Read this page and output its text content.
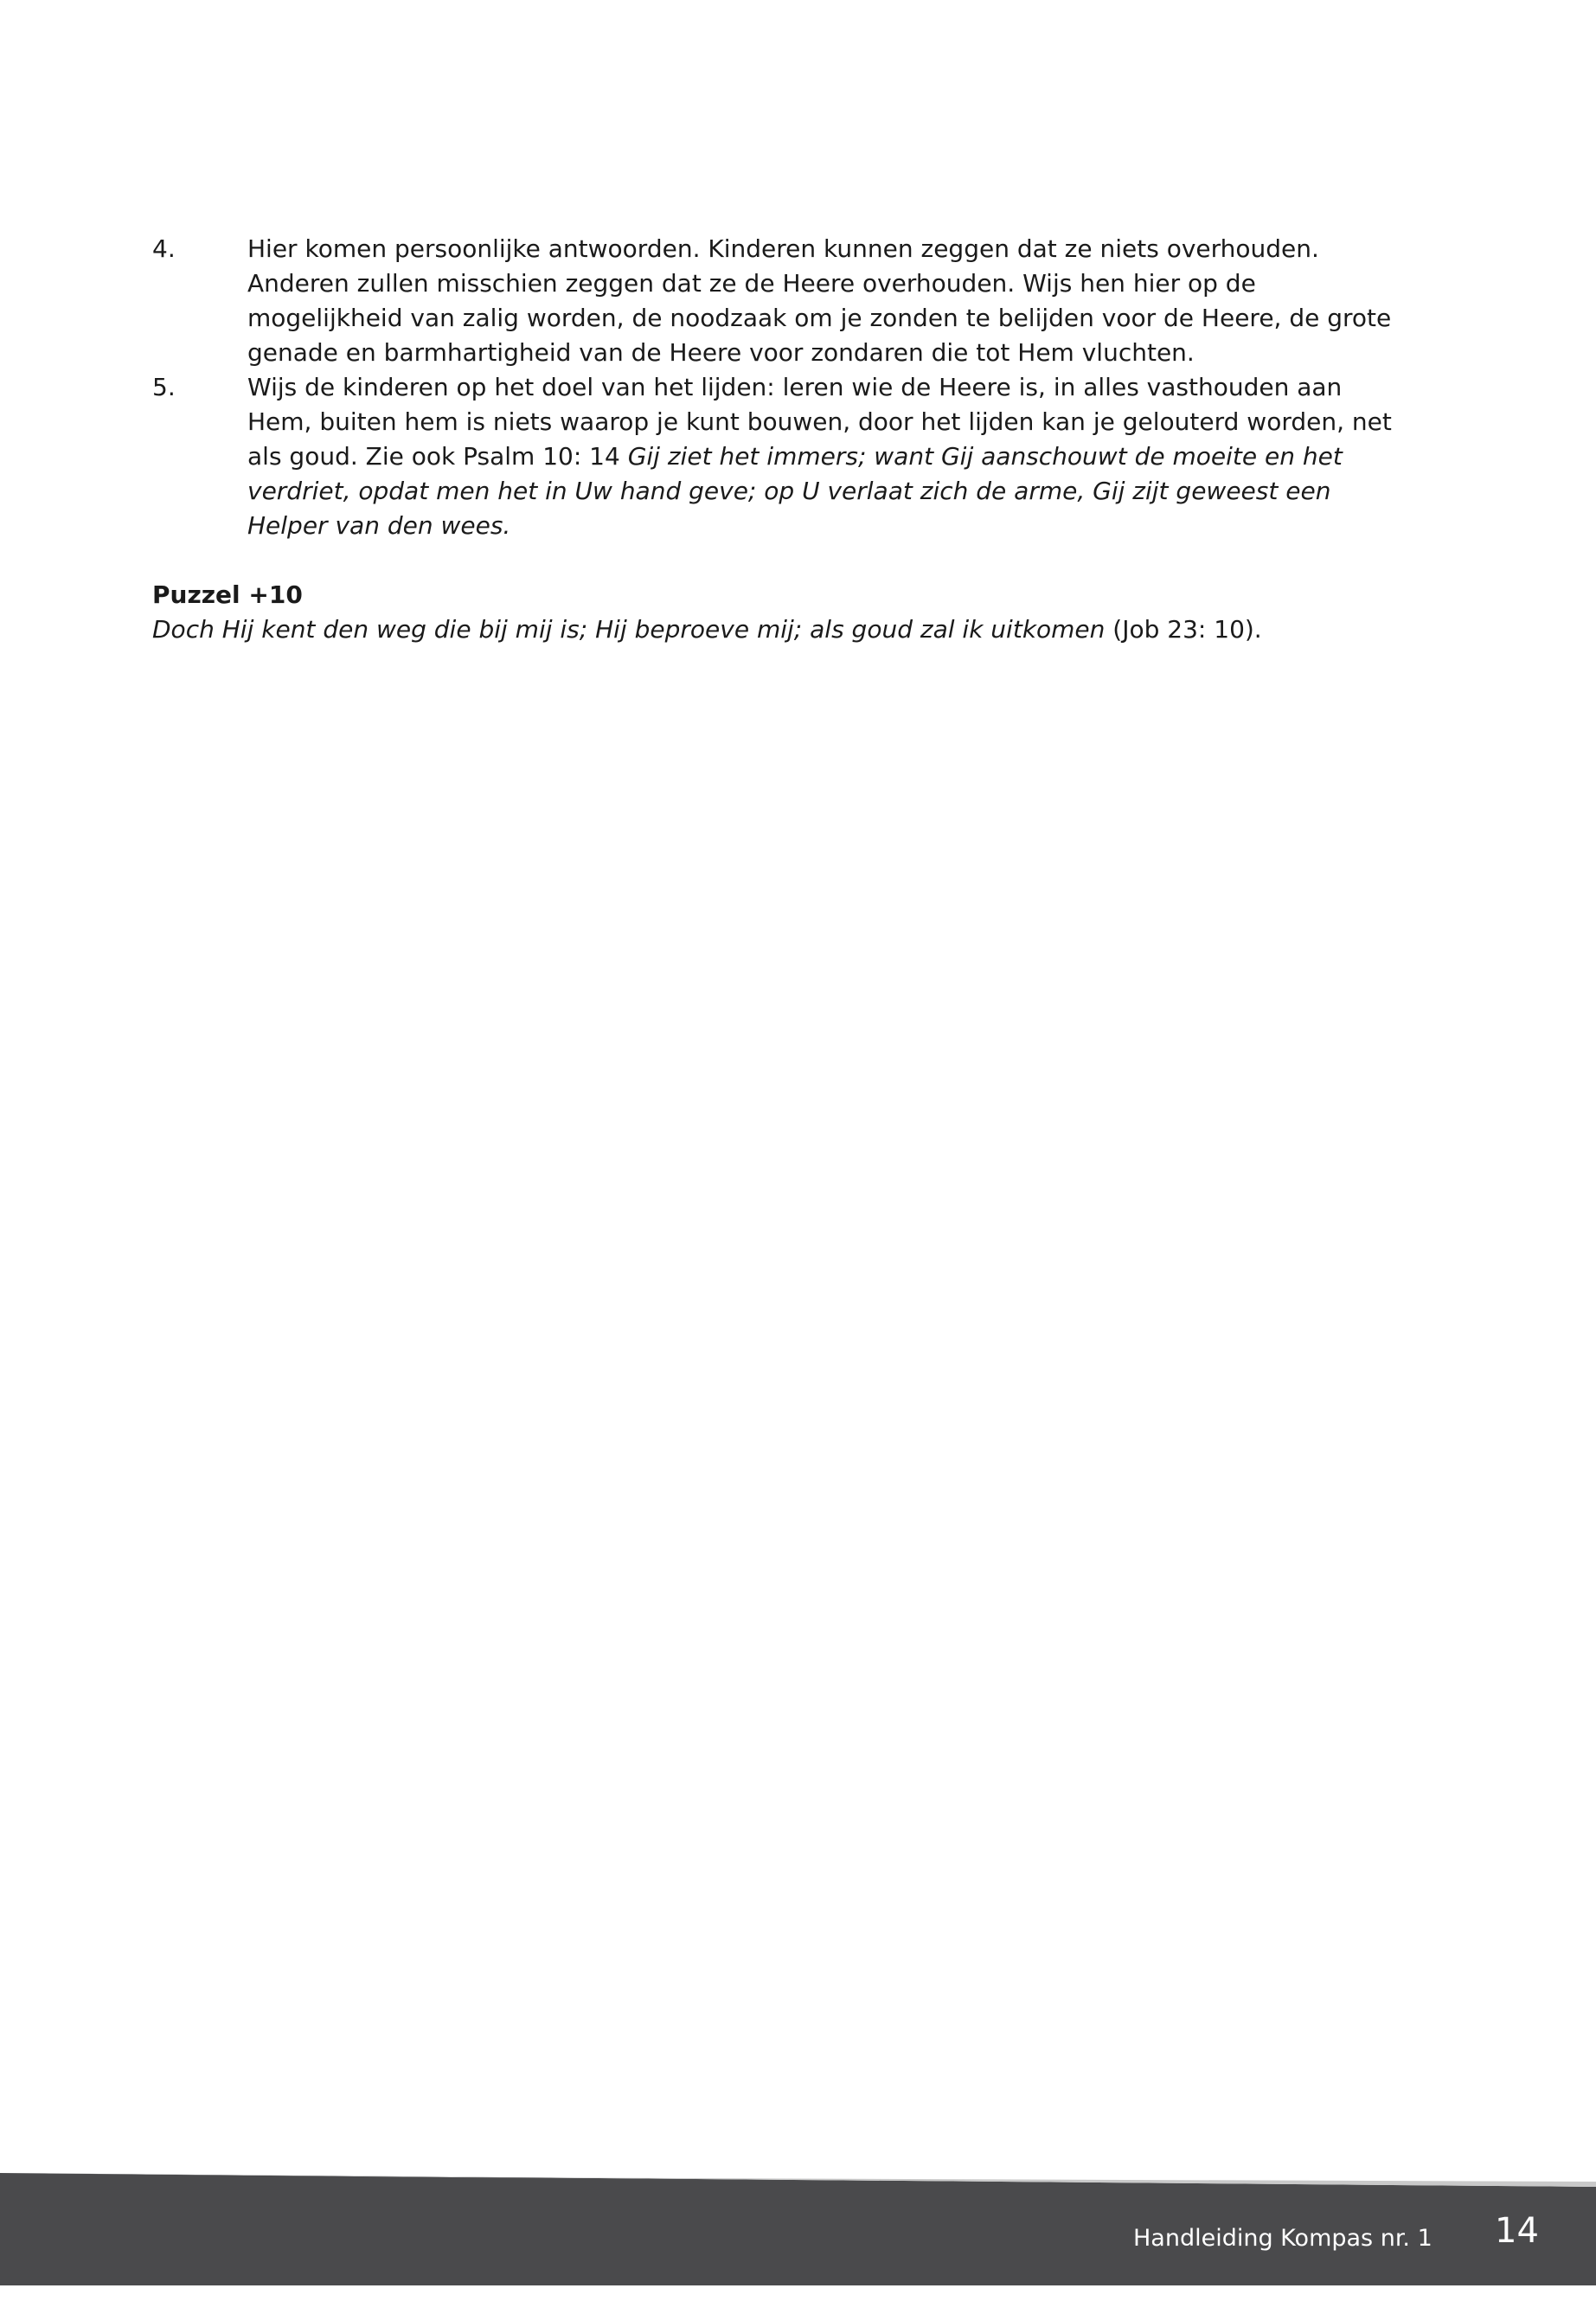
4.	Hier komen persoonlijke antwoorden. Kinderen kunnen zeggen dat ze niets overhouden.
Anderen zullen misschien zeggen dat ze de Heere overhouden. Wijs hen hier op de
mogelijkheid van zalig worden, de noodzaak om je zonden te belijden voor de Heere, de grote
genade en barmhartigheid van de Heere voor zondaren die tot Hem vluchten.
5.	Wijs de kinderen op het doel van het lijden: leren wie de Heere is, in alles vasthouden aan
Hem, buiten hem is niets waarop je kunt bouwen, door het lijden kan je gelouterd worden, net
als goud. Zie ook Psalm 10: 14 Gij ziet het immers; want Gij aanschouwt de moeite en het
verdriet, opdat men het in Uw hand geve; op U verlaat zich de arme, Gij zijt geweest een
Helper van den wees.
Puzzel +10
Doch Hij kent den weg die bij mij is; Hij beproeve mij; als goud zal ik uitkomen (Job 23: 10).
Handleiding Kompas nr. 1 14
